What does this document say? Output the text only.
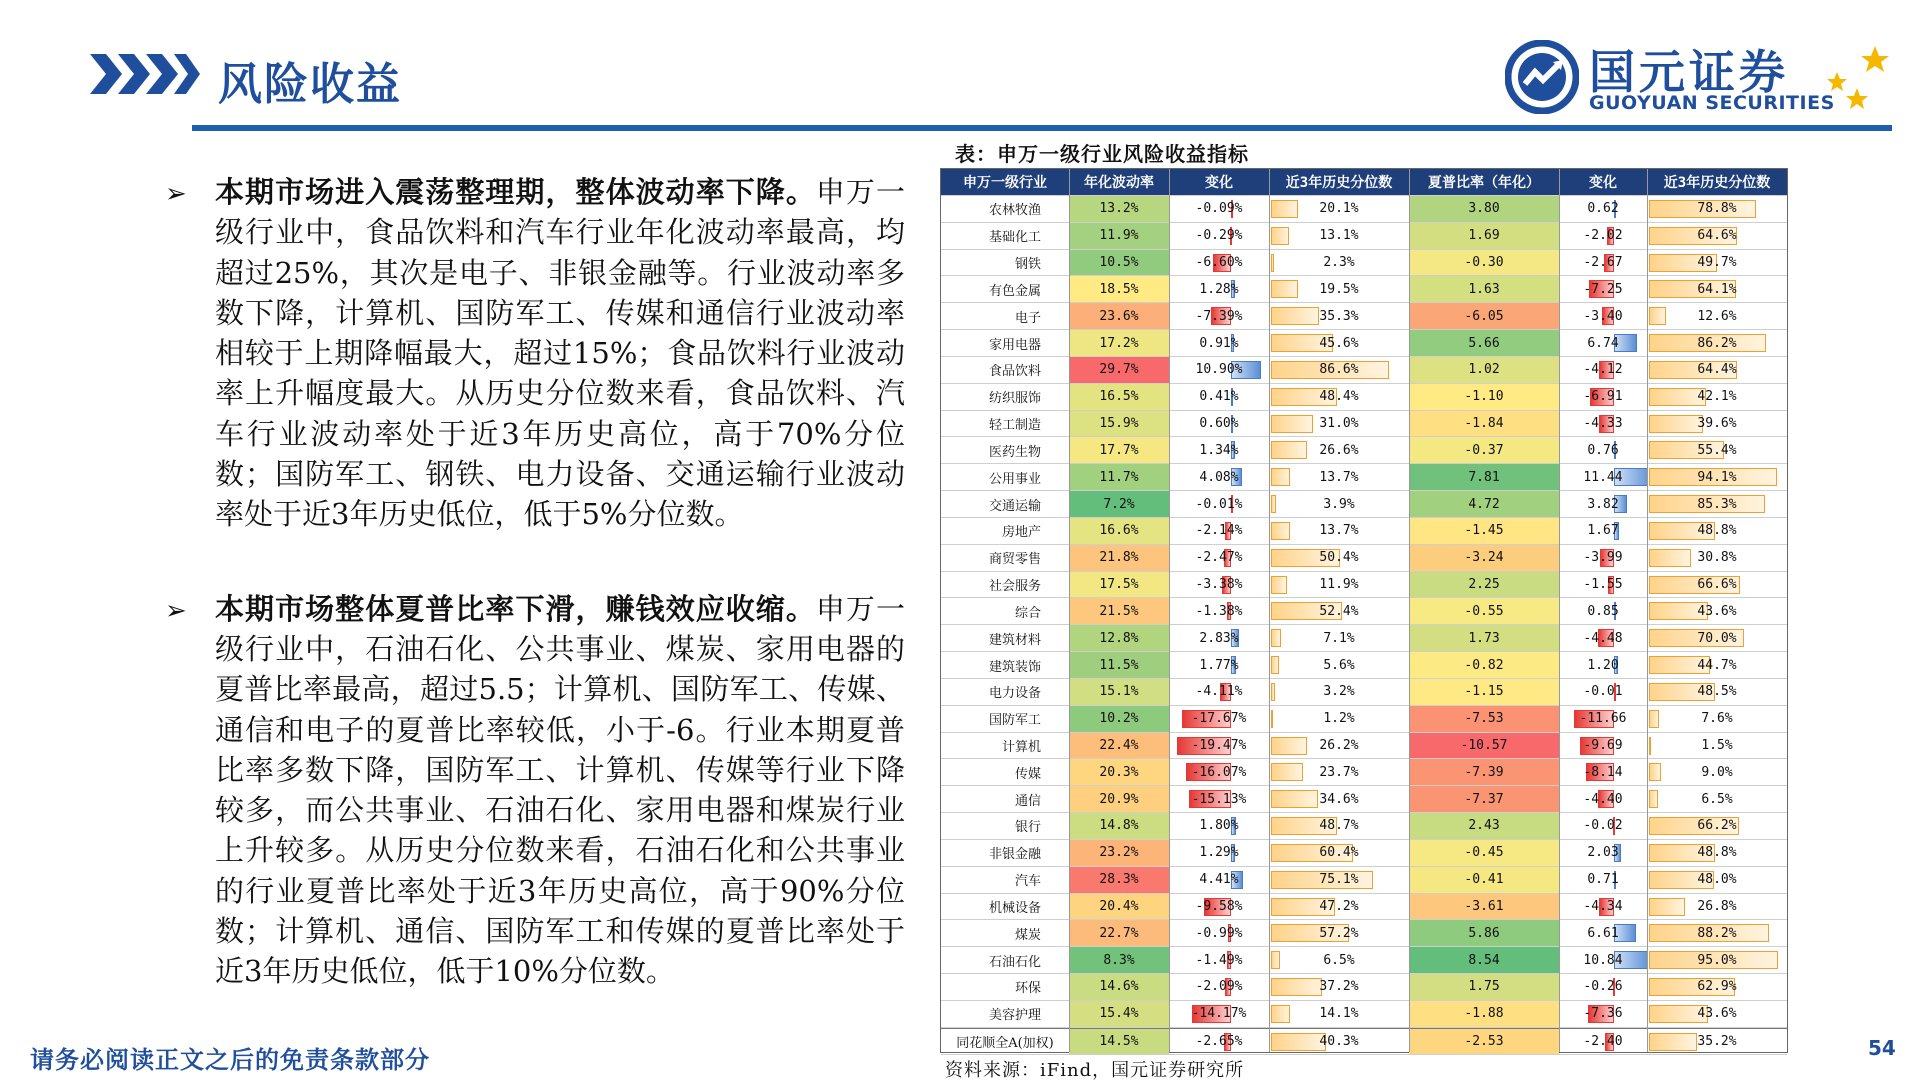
风险收益	国元证券
GUOYUAN SECURITIES
➢ 本期市场进入震荡整理期，整体波动率下降。申万一级行业中，食品饮料和汽车行业年化波动率最高，均超过25%，其次是电子、非银金融等。行业波动率多数下降，计算机、国防军工、传媒和通信行业波动率相较于上期降幅最大，超过15%；食品饮料行业波动率上升幅度最大。从历史分位数来看，食品饮料、汽车行业波动率处于近3年历史高位，高于70%分位数；国防军工、钢铁、电力设备、交通运输行业波动率处于近3年历史低位，低于5%分位数。
➢ 本期市场整体夏普比率下滑，赚钱效应收缩。申万一级行业中，石油石化、公共事业、煤炭、家用电器的夏普比率最高，超过5.5；计算机、国防军工、传媒、通信和电子的夏普比率较低，小于-6。行业本期夏普比率多数下降，国防军工、计算机、传媒等行业下降较多，而公共事业、石油石化、家用电器和煤炭行业上升较多。从历史分位数来看，石油石化和公共事业的行业夏普比率处于近3年历史高位，高于90%分位数；计算机、通信、国防军工和传媒的夏普比率处于近3年历史低位，低于10%分位数。
表：申万一级行业风险收益指标
申万一级行业	年化波动率	变化	近3年历史分位数	夏普比率（年化）	变化	近3年历史分位数
农林牧渔	13.2%	-0.09%	20.1%	3.80	0.62	78.8%
基础化工	11.9%	-0.29%	13.1%	1.69	-2.02	64.6%
钢铁	10.5%	-6.60%	2.3%	-0.30	-2.67	49.7%
有色金属	18.5%	1.28%	19.5%	1.63	-7.25	64.1%
电子	23.6%	-7.39%	35.3%	-6.05	-3.40	12.6%
家用电器	17.2%	0.91%	45.6%	5.66	6.74	86.2%
食品饮料	29.7%	10.90%	86.6%	1.02	-4.12	64.4%
纺织服饰	16.5%	0.41%	48.4%	-1.10	-6.91	42.1%
轻工制造	15.9%	0.60%	31.0%	-1.84	-4.33	39.6%
医药生物	17.7%	1.34%	26.6%	-0.37	0.76	55.4%
公用事业	11.7%	4.08%	13.7%	7.81	11.44	94.1%
交通运输	7.2%	-0.01%	3.9%	4.72	3.82	85.3%
房地产	16.6%	-2.14%	13.7%	-1.45	1.67	48.8%
商贸零售	21.8%	-2.47%	50.4%	-3.24	-3.99	30.8%
社会服务	17.5%	-3.38%	11.9%	2.25	-1.55	66.6%
综合	21.5%	-1.38%	52.4%	-0.55	0.85	43.6%
建筑材料	12.8%	2.83%	7.1%	1.73	-4.48	70.0%
建筑装饰	11.5%	1.77%	5.6%	-0.82	1.20	44.7%
电力设备	15.1%	-4.11%	3.2%	-1.15	-0.01	48.5%
国防军工	10.2%	-17.67%	1.2%	-7.53	-11.66	7.6%
计算机	22.4%	-19.47%	26.2%	-10.57	-9.69	1.5%
传媒	20.3%	-16.07%	23.7%	-7.39	-8.14	9.0%
通信	20.9%	-15.13%	34.6%	-7.37	-4.40	6.5%
银行	14.8%	1.80%	48.7%	2.43	-0.02	66.2%
非银金融	23.2%	1.29%	60.4%	-0.45	2.03	48.8%
汽车	28.3%	4.41%	75.1%	-0.41	0.71	48.0%
机械设备	20.4%	-9.58%	47.2%	-3.61	-4.34	26.8%
煤炭	22.7%	-0.99%	57.2%	5.86	6.61	88.2%
石油石化	8.3%	-1.49%	6.5%	8.54	10.84	95.0%
环保	14.6%	-2.09%	37.2%	1.75	-0.26	62.9%
美容护理	15.4%	-14.17%	14.1%	-1.88	-7.36	43.6%
同花顺全A(加权)	14.5%	-2.65%	40.3%	-2.53	-2.40	35.2%
资料来源：iFind，国元证券研究所
请务必阅读正文之后的免责条款部分	54
